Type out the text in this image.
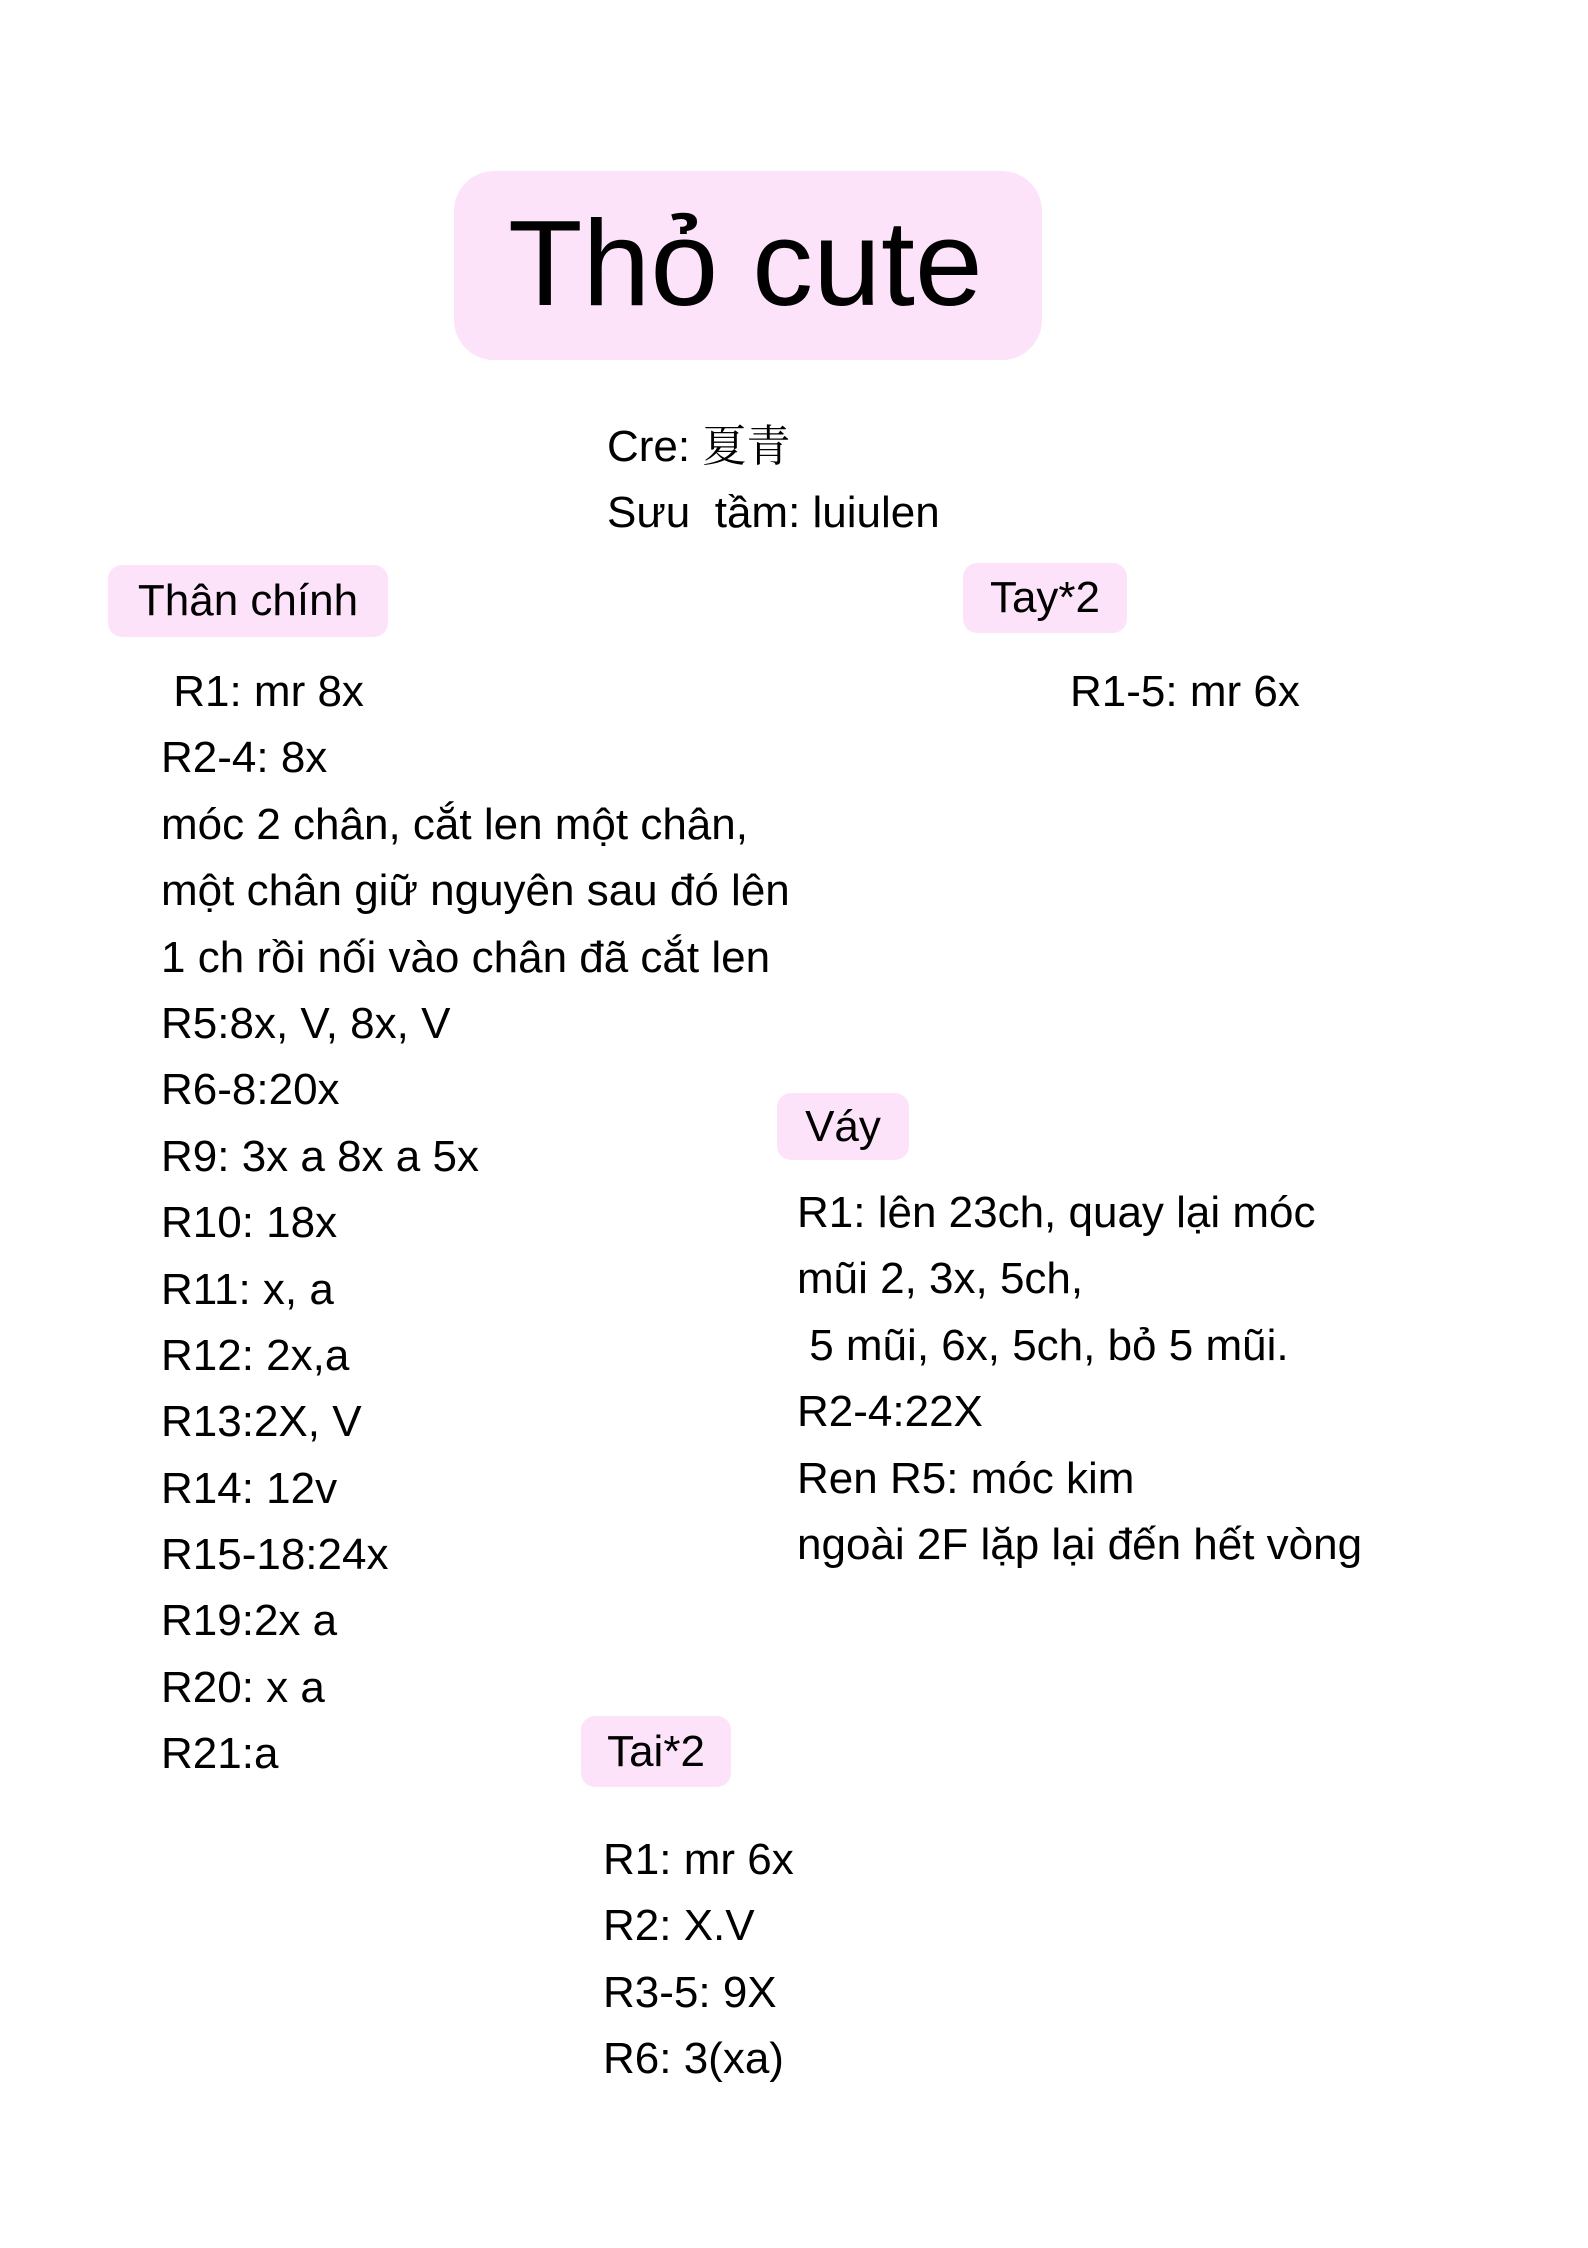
Thỏ cute
Cre: 夏青
Sưu  tầm: luiulen
Thân chính
R1: mr 8x
R2-4: 8x
móc 2 chân, cắt len một chân,
một chân giữ nguyên sau đó lên
1 ch rồi nối vào chân đã cắt len
R5:8x, V, 8x, V
R6-8:20x
R9: 3x a 8x a 5x
R10: 18x
R11: x, a
R12: 2x,a
R13:2X, V
R14: 12v
R15-18:24x
R19:2x a
R20: x a
R21:a
Tay*2
R1-5: mr 6x
Váy
R1: lên 23ch, quay lại móc
mũi 2, 3x, 5ch,
5 mũi, 6x, 5ch, bỏ 5 mũi.
R2-4:22X
Ren R5: móc kim
ngoài 2F lặp lại đến hết vòng
Tai*2
R1: mr 6x
R2: X.V
R3-5: 9X
R6: 3(xa)
